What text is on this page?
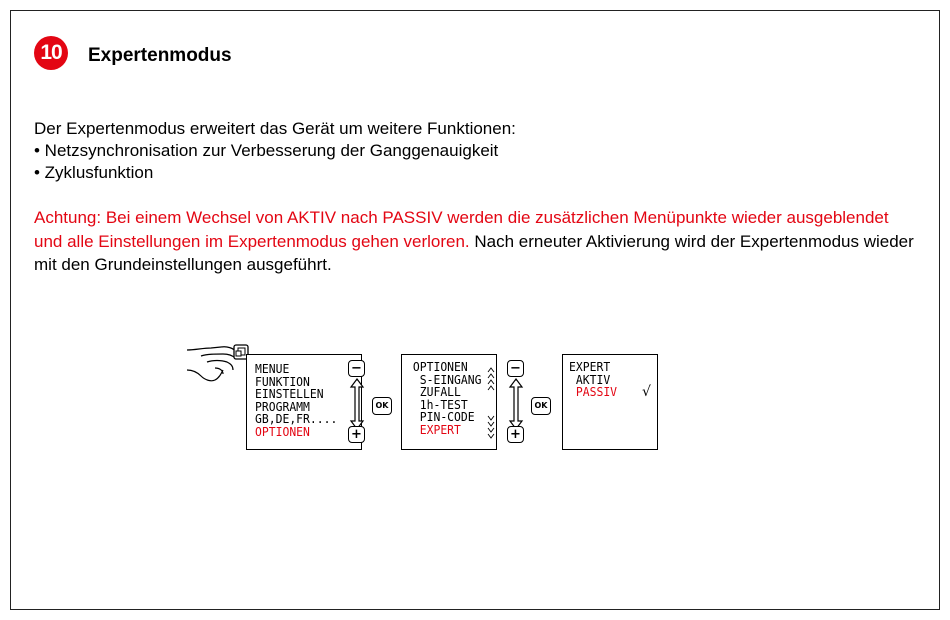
10	Expertenmodus
Der Expertenmodus erweitert das Gerät um weitere Funktionen:
• Netzsynchronisation zur Verbesserung der Ganggenauigkeit
• Zyklusfunktion
Achtung: Bei einem Wechsel von AKTIV nach PASSIV werden die zusätzlichen Menüpunkte wieder ausgeblendet und alle Einstellungen im Expertenmodus gehen verloren. Nach erneuter Aktivierung wird der Expertenmodus wieder mit den Grundeinstellungen ausgeführt.
MENUE
FUNKTION
EINSTELLEN
PROGRAMM
GB,DE,FR....
OPTIONEN
−
+
OK
OPTIONEN
S-EINGANG
ZUFALL
1h-TEST
PIN-CODE
EXPERT
−
+
OK
EXPERT
AKTIV
PASSIV	√
